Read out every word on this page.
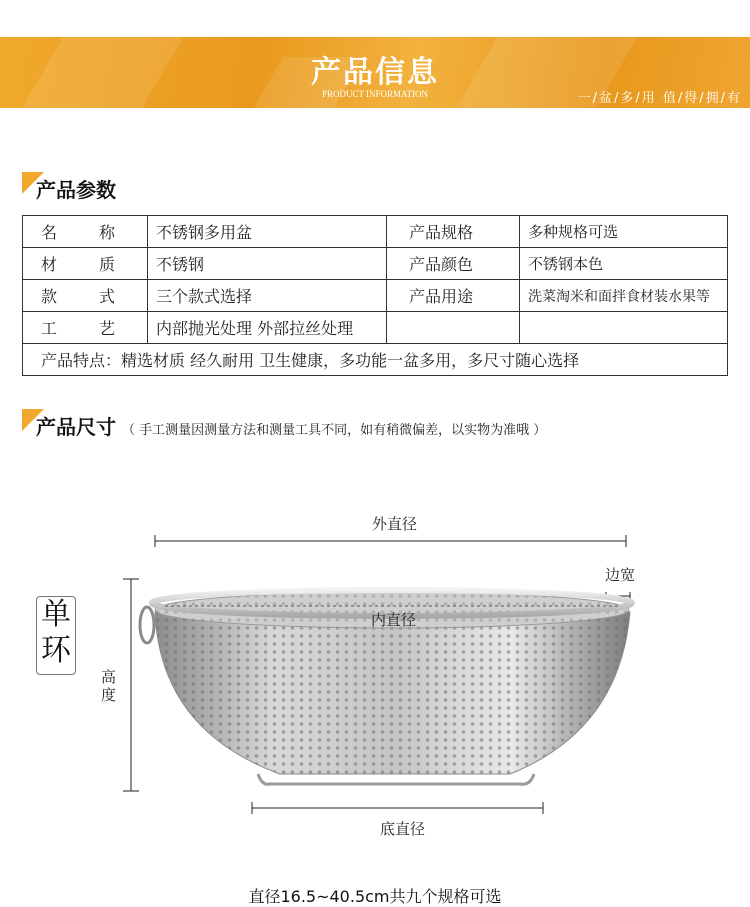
产品信息
PRODUCT INFORMATION	一/盆/多/用 值/得/拥/有
产品参数
名 称	不锈钢多用盆	产品规格	多种规格可选

材 质	不锈钢	产品颜色	不锈钢本色

款 式	三个款式选择	产品用途	洗菜淘米和面拌食材装水果等

工 艺	内部抛光处理 外部拉丝处理		
产品特点：精选材质 经久耐用 卫生健康，多功能一盆多用，多尺寸随心选择			
产品尺寸 （ 手工测量因测量方法和测量工具不同，如有稍微偏差，以实物为准哦 ）
外直径
边宽
内直径
高
度
底直径
单
环
直径16.5~40.5cm共九个规格可选
